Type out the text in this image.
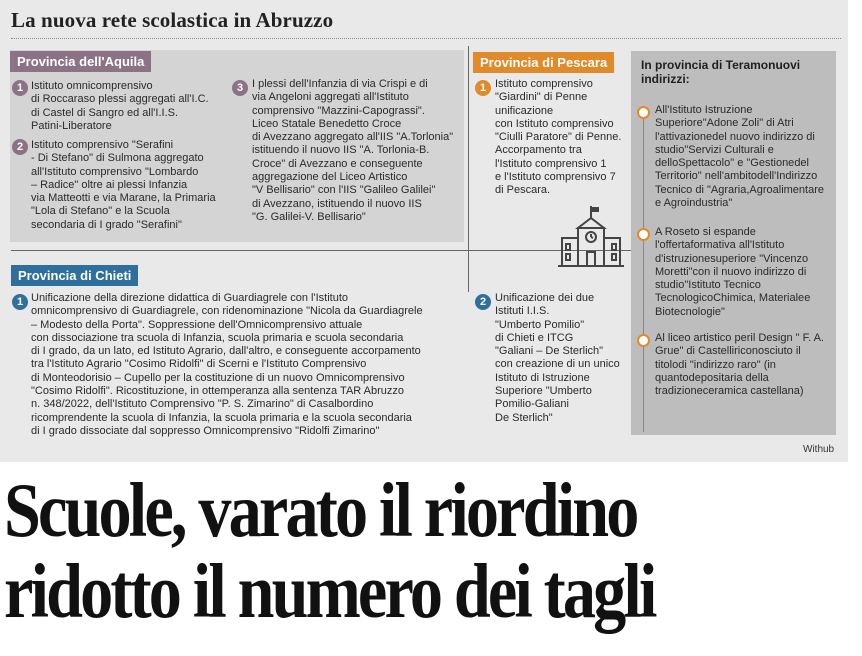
La nuova rete scolastica in Abruzzo
Provincia dell'Aquila
1 Istituto omnicomprensivo
di Roccaraso plessi aggregati all'I.C.
di Castel di Sangro ed all'I.I.S.
Patini-Liberatore
2 Istituto comprensivo "Serafini
- Di Stefano" di Sulmona aggregato
all'Istituto comprensivo "Lombardo
– Radice" oltre ai plessi Infanzia
via Matteotti e via Marane, la Primaria
"Lola di Stefano" e la Scuola
secondaria di I grado "Serafini"
3 I plessi dell'Infanzia di via Crispi e di
via Angeloni aggregati all'Istituto
comprensivo "Mazzini-Capograssi".
Liceo Statale Benedetto Croce
di Avezzano aggregato all'IIS "A.Torlonia"
istituendo il nuovo IIS "A. Torlonia-B.
Croce" di Avezzano e conseguente
aggregazione del Liceo Artistico
"V Bellisario" con l'IIS "Galileo Galilei"
di Avezzano, istituendo il nuovo IIS
"G. Galilei-V. Bellisario"
Provincia di Pescara
1 Istituto comprensivo
"Giardini" di Penne
unificazione
con Istituto comprensivo
"Ciulli Paratore" di Penne.
Accorpamento tra
l'Istituto comprensivo 1
e l'Istituto comprensivo 7
di Pescara.
Provincia di Chieti
1 Unificazione della direzione didattica di Guardiagrele con l'Istituto
omnicomprensivo di Guardiagrele, con ridenominazione "Nicola da Guardiagrele
– Modesto della Porta". Soppressione dell'Omnicomprensivo attuale
con dissociazione tra scuola di Infanzia, scuola primaria e scuola secondaria
di I grado, da un lato, ed Istituto Agrario, dall'altro, e conseguente accorpamento
tra l'Istituto Agrario "Cosimo Ridolfi" di Scerni e l'Istituto Comprensivo
di Monteodorisio – Cupello per la costituzione di un nuovo Omnicomprensivo
"Cosimo Ridolfi". Ricostituzione, in ottemperanza alla sentenza TAR Abruzzo
n. 348/2022, dell'Istituto Comprensivo "P. S. Zimarino" di Casalbordino
ricomprendente la scuola di Infanzia, la scuola primaria e la scuola secondaria
di I grado dissociate dal soppresso Omnicomprensivo "Ridolfi Zimarino"
2 Unificazione dei due
Istituti I.I.S.
"Umberto Pomilio"
di Chieti e ITCG
"Galiani – De Sterlich"
con creazione di un unico
Istituto di Istruzione
Superiore "Umberto
Pomilio-Galiani
De Sterlich"
In provincia di Teramonuovi indirizzi:
All'Istituto Istruzione Superiore"Adone Zoli" di Atri l'attivazionedel nuovo indirizzo di studio"Servizi Culturali e delloSpettacolo" e "Gestionedel Territorio" nell'ambitodell'Indirizzo Tecnico di "Agraria,Agroalimentare e Agroindustria"
A Roseto si espande l'offertaformativa all'Istituto d'istruzionesuperiore "Vincenzo Moretti"con il nuovo indirizzo di studio"Istituto Tecnico TecnologicoChimica, Materialee Biotecnologie"
Al liceo artistico peril Design " F. A. Grue" di Castelliriconosciuto il titolodi "indirizzo raro" (in quantodepositaria della tradizioneceramica castellana)
Withub
Scuole, varato il riordino
ridotto il numero dei tagli
